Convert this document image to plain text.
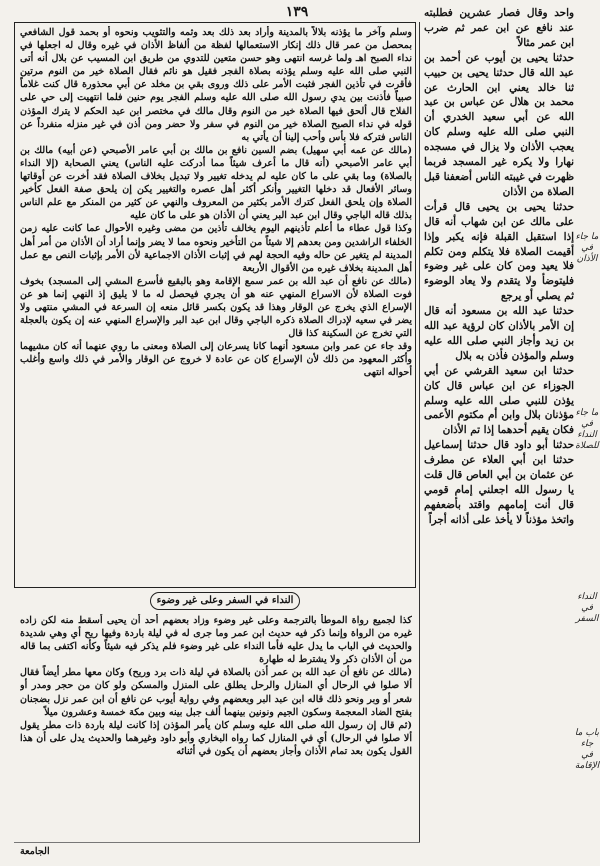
١٣٩

وسلم وآخر ما يؤذنه بلالاً بالمدينة وأراد بعد ذلك بعد وثمه والتثويب ونحوه أو بحمد قول الشافعي بمحصل من عمر قال ذلك إنكار الاستعمالها لفظة من ألفاظ الأذان في غيره وقال له اجعلها في نداء الصبح اهـ ولما غرسه انتهى وهو حسن متعين للتدوي من طريق ابن المسيب عن بلال أنه أتى النبي صلى الله عليه وسلم يؤذنه بصلاة الفجر فقيل هو نائم فقال الصلاة خير من النوم مرتين فأقرت في تأذين الفجر فثبت الأمر على ذلك وروى بقي بن مخلد عن أبي محذورة قال كنت غلاماً صبياً فأذنت بين يدي رسول الله صلى الله عليه وسلم الفجر يوم حنين فلما انتهيت إلى حي على الفلاح قال ألحق فيها الصلاة خير من النوم وقال مالك في مختصر ابن عبد الحكم لا يترك المؤذن قوله في نداء الصبح الصلاة خير من النوم في سفر ولا حضر ومن أذن في غير منزله منفرداً عن الناس فتركه فلا بأس وأحب إلينا أن يأتي به

(مالك عن عمه أبي سهيل) بضم السين نافع بن مالك بن أبي عامر الأصبحي (عن أبيه) مالك بن أبي عامر الأصبحي (أنه قال ما أعرف شيئاً مما أدركت عليه الناس) يعني الصحابة (إلا النداء بالصلاة) وما بقي على ما كان عليه لم يدخله تغيير ولا تبديل بخلاف الصلاة فقد أخرت عن أوقاتها وسائر الأفعال قد دخلها التغيير وأنكر أكثر أهل عصره والتغيير يكن إن يلحق صفة الفعل كأخير الصلاة وإن يلحق الفعل كترك الأمر بكثير من المعروف والنهي عن كثير من المنكر مع علم الناس بذلك قاله الباجي وقال ابن عبد البر يعني أن الأذان هو على ما كان عليه

وكذا قول عطاء ما أعلم تأذينهم اليوم يخالف تأذين من مضى وغيره الأحوال عما كانت عليه زمن الخلفاء الراشدين ومن بعدهم إلا شيئاً من التأخير ونحوه مما لا يضر وإنما أراد أن الأذان من أمر أهل المدينة لم يتغير عن حاله وفيه الحجة لهم في إثبات الأذان الاجماعية لأن الأمر بإثبات النص مع عمل أهل المدينة بخلاف غيره من الأقوال الأربعة

(مالك عن نافع أن عبد الله بن عمر سمع الإقامة وهو بالبقيع فأسرع المشي إلى المسجد) بخوف فوت الصلاة لأن الاسراع المنهي عنه هو أن يجري فيحصل له ما لا يليق إذ النهي إنما هو عن الإسراع الذي يخرج عن الوقار وهذا قد يكون بكسر قائل منعه إن السرعة في المشي منتهى ولا يضر في سعيه لإدراك الصلاة ذكره الباجي وقال ابن عبد البر والإسراع المنهي عنه إن يكون بالعجلة التي تخرج عن السكينة كذا قال

وقد جاء عن عمر وابن مسعود أنهما كانا يسرعان إلى الصلاة ومعنى ما روي عنهما أنه كان مشيهما وأكثر المعهود من ذلك لأن الإسراع كان عن عادة لا خروج عن الوقار والأمر في ذلك واسع وأغلب أحواله انتهى

النداء في السفر وعلى غير وضوء

كذا لجميع رواة الموطأ بالترجمة وعلى غير وضوء وزاد بعضهم أحد أن يحيى أسقط منه لكن زاده غيره من الرواة وإنما ذكر فيه حديث ابن عمر وما جرى له في ليلة باردة وفيها ريح أي وهي شديدة والحديث في الباب ما يدل عليه فأما النداء على غير وضوء فلم يذكر فيه شيئاً وكأنه اكتفى بما قاله من أن الأذان ذكر ولا يشترط له طهارة

(مالك عن نافع أن عبد الله بن عمر أذن بالصلاة في ليلة ذات برد وريح) وكان معها مطر أيضاً فقال ألا صلوا في الرحال أي المنازل والرحل يطلق على المنزل والمسكن ولو كان من حجر ومدر أو شعر أو وبر ونحو ذلك قاله ابن عبد البر وبعضهم وفي رواية أيوب عن نافع أن ابن عمر نزل بضجنان بفتح الضاد المعجمة وسكون الجيم ونونين بينهما ألف جبل بينه وبين مكة خمسة وعشرون ميلاً

(ثم قال إن رسول الله صلى الله عليه وسلم كان يأمر المؤذن إذا كانت ليلة باردة ذات مطر يقول ألا صلوا في الرحال) أي في المنازل كما رواه البخاري وأبو داود وغيرهما والحديث يدل على أن هذا القول يكون بعد تمام الأذان وأجاز بعضهم أن يكون في أثنائه

واحد وقال فصار عشرين فطلبته عند نافع عن ابن عمر ثم ضرب ابن عمر مثالاً

حدثنا يحيى بن أيوب عن أحمد بن عبد الله قال حدثنا يحيى بن حبيب ثنا خالد يعني ابن الحارث عن محمد بن هلال عن عباس بن عبد الله عن أبي سعيد الخدري أن النبي صلى الله عليه وسلم كان يعجب الأذان ولا يزال في مسجده نهارا ولا يكره غير المسجد فربما ظهرت في غيبته الناس أضعفنا قبل الصلاة من الأذان

حدثنا يحيى بن يحيى قال قرأت على مالك عن ابن شهاب أنه قال إذا استقبل القبلة فإنه يكبر وإذا أقيمت الصلاة فلا يتكلم ومن تكلم فلا يعيد ومن كان على غير وضوء فليتوضأ ولا يتقدم ولا يعاد الوضوء ثم يصلي أو يرجع

حدثنا عبد الله بن مسعود أنه قال إن الأمر بالأذان كان لرؤية عبد الله بن زيد وأجاز النبي صلى الله عليه وسلم والمؤذن فأذن به بلال

حدثنا ابن سعيد القرشي عن أبي الجوزاء عن ابن عباس قال كان يؤذن للنبي صلى الله عليه وسلم مؤذنان بلال وابن أم مكتوم الأعمى فكان يقيم أحدهما إذا تم الأذان

حدثنا أبو داود قال حدثنا إسماعيل حدثنا ابن أبي العلاء عن مطرف عن عثمان بن أبي العاص قال قلت يا رسول الله اجعلني إمام قومي قال أنت إمامهم واقتد بأضعفهم واتخذ مؤذناً لا يأخذ على أذانه أجراً

ما جاء في الأذان
ما جاء في النداء للصلاة
النداء في السفر
باب ما جاء في الإقامة
الجامعة
